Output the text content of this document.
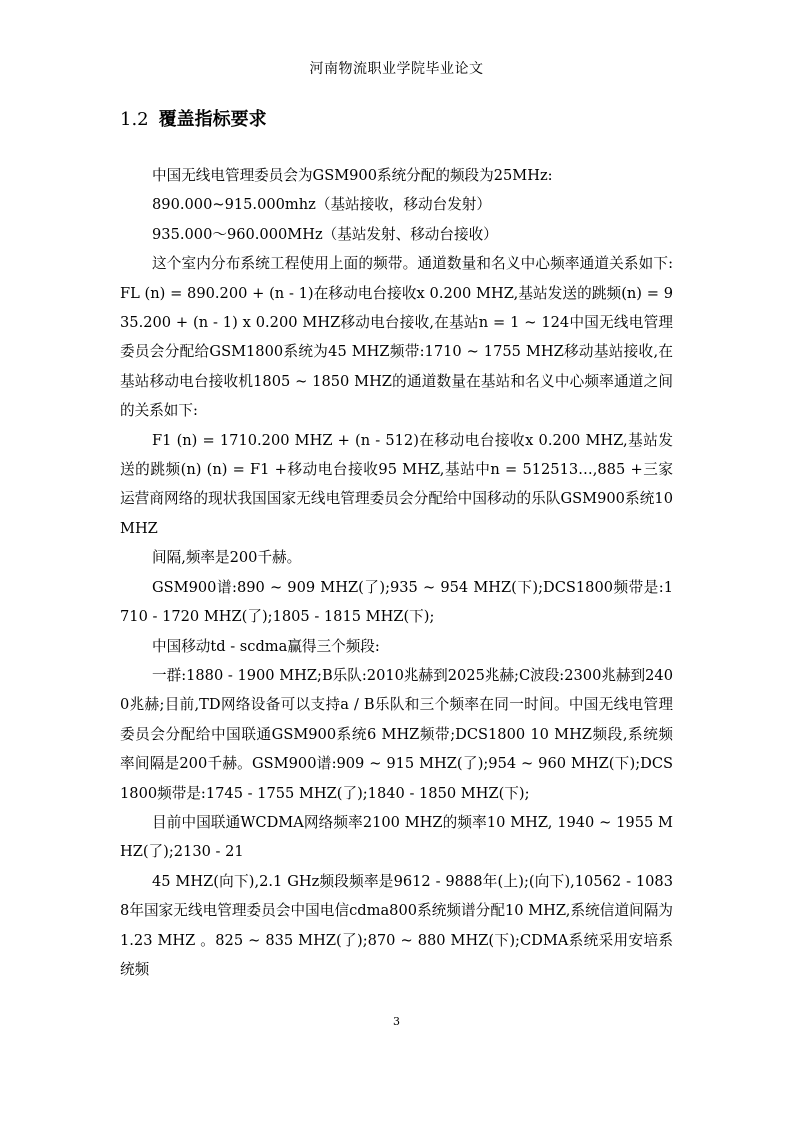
河南物流职业学院毕业论文
1.2 覆盖指标要求

中国无线电管理委员会为GSM900系统分配的频段为25MHz:

890.000~915.000mhz（基站接收，移动台发射）

935.000～960.000MHz（基站发射、移动台接收）

这个室内分布系统工程使用上面的频带。通道数量和名义中心频率通道关系如下:FL (n) = 890.200 + (n - 1)在移动电台接收x 0.200 MHZ,基站发送的跳频(n) = 935.200 + (n - 1) x 0.200 MHZ移动电台接收,在基站n = 1 ~ 124中国无线电管理委员会分配给GSM1800系统为45 MHZ频带:1710 ~ 1755 MHZ移动基站接收,在基站移动电台接收机1805 ~ 1850 MHZ的通道数量在基站和名义中心频率通道之间的关系如下:

F1 (n) = 1710.200 MHZ + (n - 512)在移动电台接收x 0.200 MHZ,基站发送的跳频(n) (n) = F1 +移动电台接收95 MHZ,基站中n = 512513…,885 +三家运营商网络的现状我国国家无线电管理委员会分配给中国移动的乐队GSM900系统10 MHZ

间隔,频率是200千赫。

GSM900谱:890 ~ 909 MHZ(了);935 ~ 954 MHZ(下);DCS1800频带是:1710 - 1720 MHZ(了);1805 - 1815 MHZ(下);

中国移动td - scdma赢得三个频段:

一群:1880 - 1900 MHZ;B乐队:2010兆赫到2025兆赫;C波段:2300兆赫到2400兆赫;目前,TD网络设备可以支持a / B乐队和三个频率在同一时间。中国无线电管理委员会分配给中国联通GSM900系统6 MHZ频带;DCS1800 10 MHZ频段,系统频率间隔是200千赫。GSM900谱:909 ~ 915 MHZ(了);954 ~ 960 MHZ(下);DCS1800频带是:1745 - 1755 MHZ(了);1840 - 1850 MHZ(下);

目前中国联通WCDMA网络频率2100 MHZ的频率10 MHZ, 1940 ~ 1955 MHZ(了);2130 - 21

45 MHZ(向下),2.1 GHz频段频率是9612 - 9888年(上);(向下),10562 - 10838年国家无线电管理委员会中国电信cdma800系统频谱分配10 MHZ,系统信道间隔为1.23 MHZ 。825 ~ 835 MHZ(了);870 ~ 880 MHZ(下);CDMA系统采用安培系统频

3
